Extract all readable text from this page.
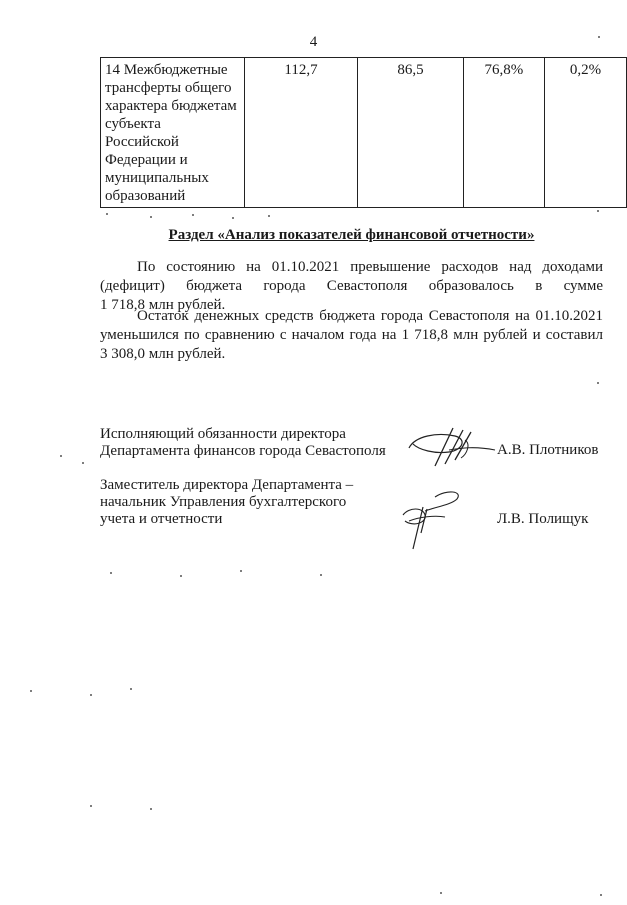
4
14 Межбюджетные
трансферты общего
характера бюджетам
субъекта
Российской
Федерации и
муниципальных
образований
	112,7	86,5	76,8%	0,2%
Раздел «Анализ показателей финансовой отчетности»
По состоянию на 01.10.2021 превышение расходов над доходами
(дефицит) бюджета города Севастополя образовалось в сумме
1 718,8 млн рублей.
Остаток денежных средств бюджета города Севастополя на 01.10.2021
уменьшился по сравнению с началом года на 1 718,8 млн рублей и составил
3 308,0 млн рублей.
Исполняющий обязанности директора
Департамента финансов города Севастополя	А.В. Плотников
Заместитель директора Департамента –
начальник Управления бухгалтерского
учета и отчетности	Л.В. Полищук
